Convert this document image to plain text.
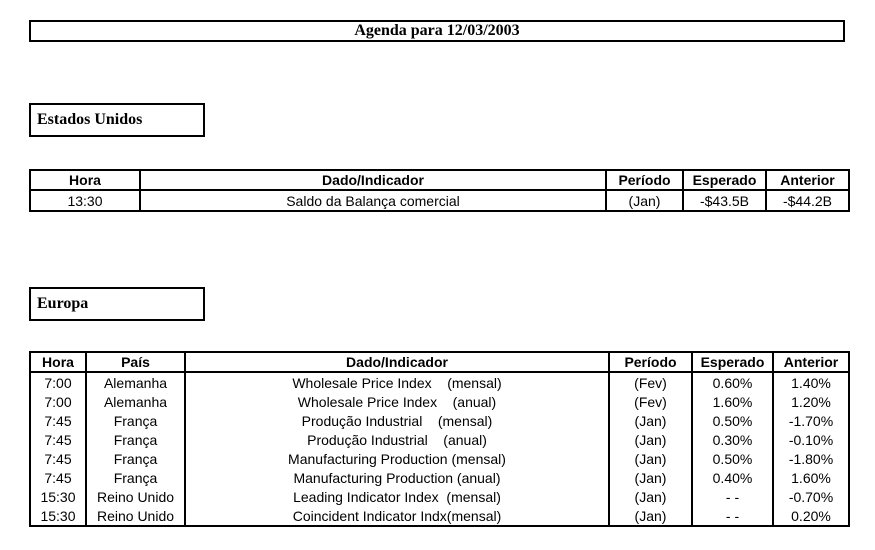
Agenda para 12/03/2003
Estados Unidos
Hora	Dado/Indicador	Período	Esperado	Anterior
13:30	Saldo da Balança comercial	(Jan)	-$43.5B	-$44.2B
Europa
Hora	País	Dado/Indicador	Período	Esperado	Anterior
7:00	Alemanha	Wholesale Price Index    (mensal)	(Fev)	0.60%	1.40%
7:00	Alemanha	Wholesale Price Index    (anual)	(Fev)	1.60%	1.20%
7:45	França	Produção Industrial    (mensal)	(Jan)	0.50%	-1.70%
7:45	França	Produção Industrial    (anual)	(Jan)	0.30%	-0.10%
7:45	França	Manufacturing Production (mensal)	(Jan)	0.50%	-1.80%
7:45	França	Manufacturing Production (anual)	(Jan)	0.40%	1.60%
15:30	Reino Unido	Leading Indicator Index  (mensal)	(Jan)	- -	-0.70%
15:30	Reino Unido	Coincident Indicator Indx(mensal)	(Jan)	- -	0.20%
